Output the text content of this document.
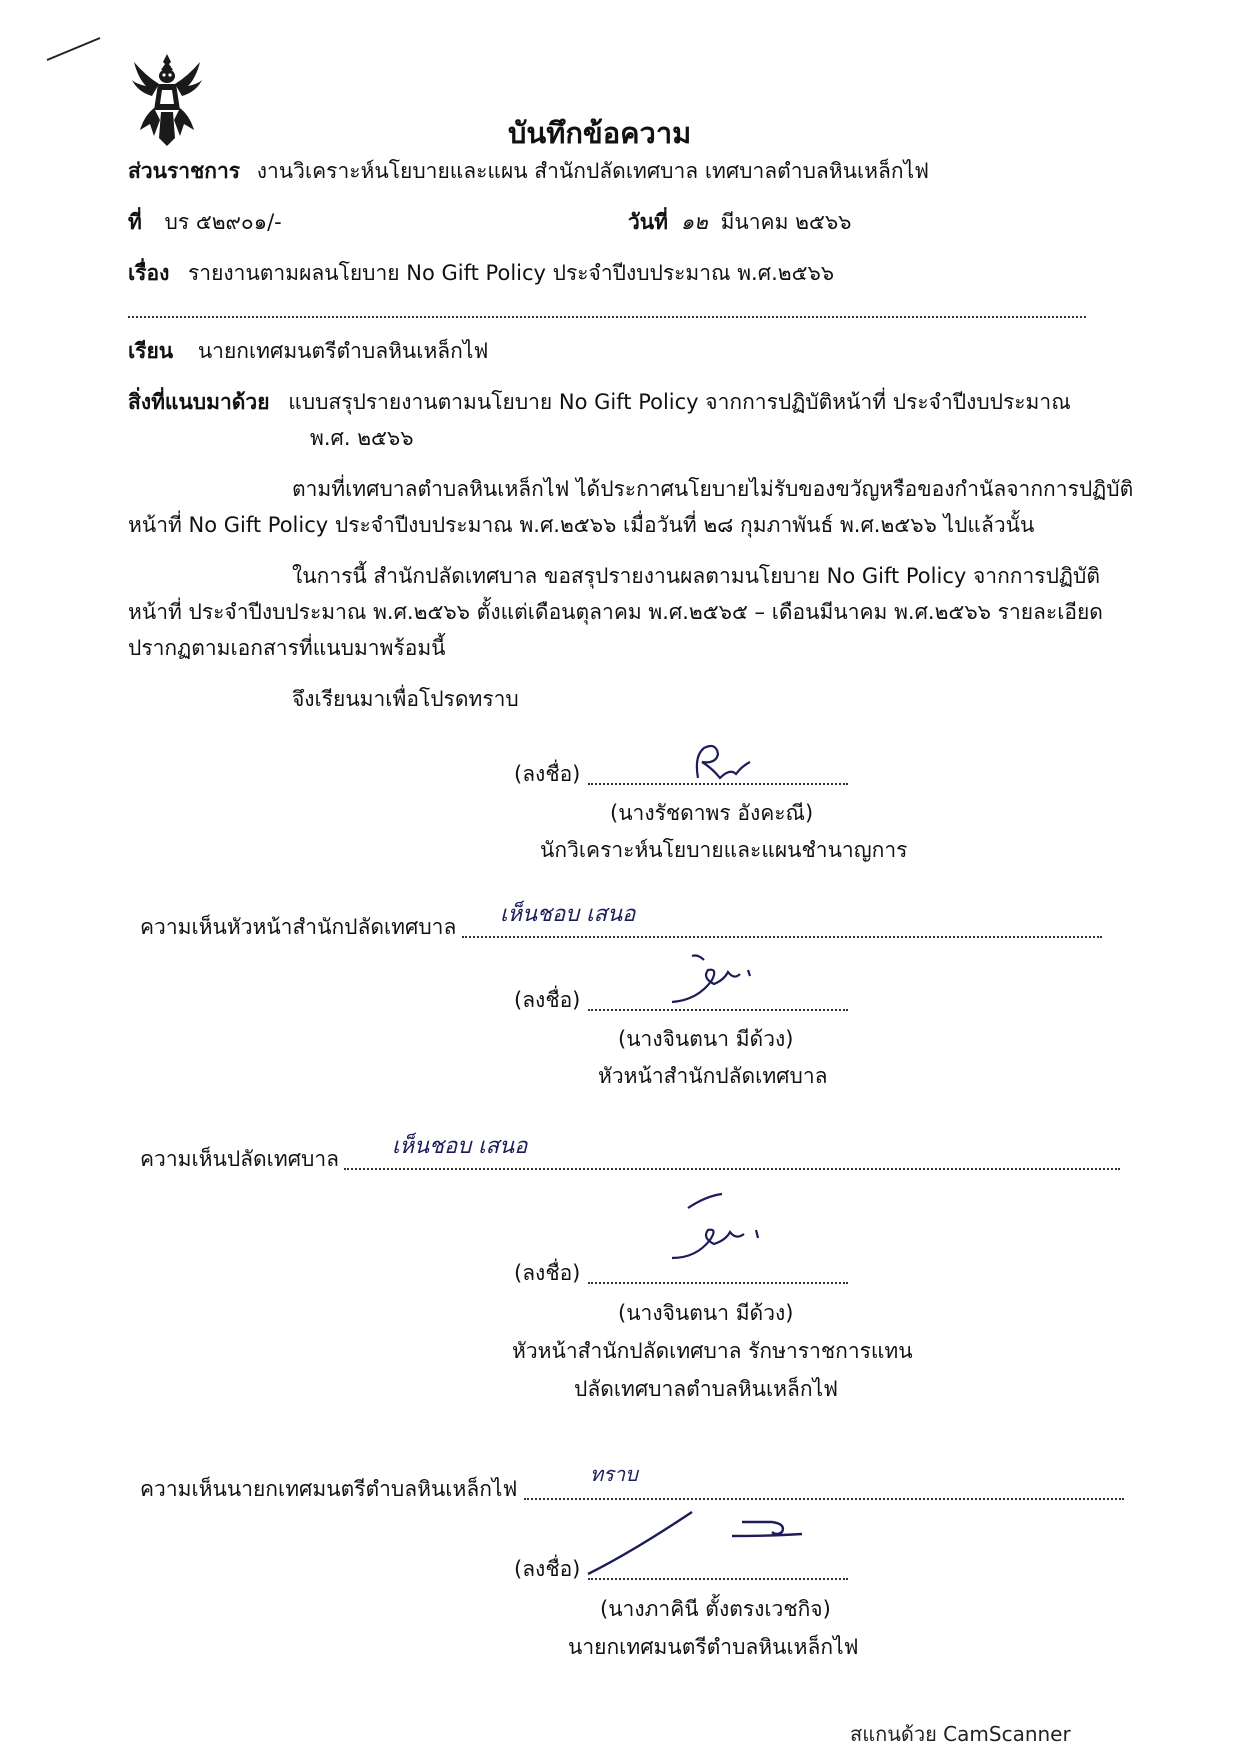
บันทึกข้อความ
ส่วนราชการ งานวิเคราะห์นโยบายและแผน สำนักปลัดเทศบาล เทศบาลตำบลหินเหล็กไฟ
ที่ บร ๕๒๙๐๑/-	วันที่ ๑๒ มีนาคม ๒๕๖๖
เรื่อง รายงานตามผลนโยบาย No Gift Policy ประจำปีงบประมาณ พ.ศ.๒๕๖๖
เรียน นายกเทศมนตรีตำบลหินเหล็กไฟ
สิ่งที่แนบมาด้วย แบบสรุปรายงานตามนโยบาย No Gift Policy จากการปฏิบัติหน้าที่ ประจำปีงบประมาณ
พ.ศ. ๒๕๖๖
ตามที่เทศบาลตำบลหินเหล็กไฟ ได้ประกาศนโยบายไม่รับของขวัญหรือของกำนัลจากการปฏิบัติ
หน้าที่ No Gift Policy ประจำปีงบประมาณ พ.ศ.๒๕๖๖ เมื่อวันที่ ๒๘ กุมภาพันธ์ พ.ศ.๒๕๖๖ ไปแล้วนั้น
ในการนี้ สำนักปลัดเทศบาล ขอสรุปรายงานผลตามนโยบาย No Gift Policy จากการปฏิบัติ
หน้าที่ ประจำปีงบประมาณ พ.ศ.๒๕๖๖ ตั้งแต่เดือนตุลาคม พ.ศ.๒๕๖๕ – เดือนมีนาคม พ.ศ.๒๕๖๖ รายละเอียด
ปรากฏตามเอกสารที่แนบมาพร้อมนี้
จึงเรียนมาเพื่อโปรดทราบ
(ลงชื่อ)
(นางรัชดาพร อังคะณี)
นักวิเคราะห์นโยบายและแผนชำนาญการ
ความเห็นหัวหน้าสำนักปลัดเทศบาล เห็นชอบ เสนอ
(ลงชื่อ)
(นางจินตนา มีด้วง)
หัวหน้าสำนักปลัดเทศบาล
ความเห็นปลัดเทศบาล เห็นชอบ เสนอ
(ลงชื่อ)
(นางจินตนา มีด้วง)
หัวหน้าสำนักปลัดเทศบาล รักษาราชการแทน
ปลัดเทศบาลตำบลหินเหล็กไฟ
ความเห็นนายกเทศมนตรีตำบลหินเหล็กไฟ
ทราบ
(ลงชื่อ)
(นางภาคินี ตั้งตรงเวชกิจ)
นายกเทศมนตรีตำบลหินเหล็กไฟ
สแกนด้วย CamScanner
